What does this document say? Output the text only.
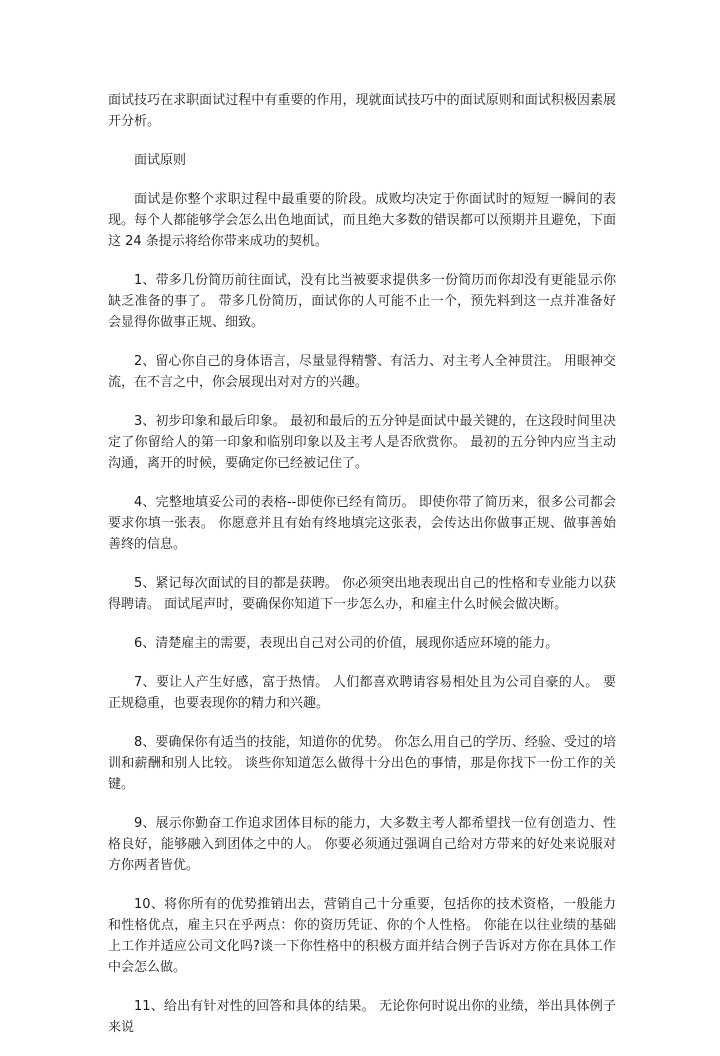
面试技巧在求职面试过程中有重要的作用，现就面试技巧中的面试原则和面试积极因素展开分析。

面试原则

面试是你整个求职过程中最重要的阶段。成败均决定于你面试时的短短一瞬间的表现。每个人都能够学会怎么出色地面试，而且绝大多数的错误都可以预期并且避免，下面这 24 条提示将给你带来成功的契机。

1、带多几份简历前往面试，没有比当被要求提供多一份简历而你却没有更能显示你缺乏准备的事了。 带多几份简历，面试你的人可能不止一个，预先料到这一点并准备好会显得你做事正规、细致。

2、留心你自己的身体语言，尽量显得精警、有活力、对主考人全神贯注。 用眼神交流，在不言之中，你会展现出对对方的兴趣。

3、初步印象和最后印象。 最初和最后的五分钟是面试中最关键的，在这段时间里决定了你留给人的第一印象和临别印象以及主考人是否欣赏你。 最初的五分钟内应当主动沟通，离开的时候，要确定你已经被记住了。

4、完整地填妥公司的表格--即使你已经有简历。 即使你带了简历来，很多公司都会要求你填一张表。 你愿意并且有始有终地填完这张表，会传达出你做事正规、做事善始善终的信息。

5、紧记每次面试的目的都是获聘。 你必须突出地表现出自己的性格和专业能力以获得聘请。 面试尾声时，要确保你知道下一步怎么办，和雇主什么时候会做决断。

6、清楚雇主的需要，表现出自己对公司的价值，展现你适应环境的能力。

7、要让人产生好感，富于热情。 人们都喜欢聘请容易相处且为公司自豪的人。 要正规稳重，也要表现你的精力和兴趣。

8、要确保你有适当的技能，知道你的优势。 你怎么用自己的学历、经验、受过的培训和薪酬和别人比较。 谈些你知道怎么做得十分出色的事情，那是你找下一份工作的关键。

9、展示你勤奋工作追求团体目标的能力，大多数主考人都希望找一位有创造力、性格良好，能够融入到团体之中的人。 你要必须通过强调自己给对方带来的好处来说服对方你两者皆优。

10、将你所有的优势推销出去，营销自己十分重要，包括你的技术资格，一般能力和性格优点，雇主只在乎两点：你的资历凭证、你的个人性格。 你能在以往业绩的基础上工作并适应公司文化吗?谈一下你性格中的积极方面并结合例子告诉对方你在具体工作中会怎么做。

11、给出有针对性的回答和具体的结果。 无论你何时说出你的业绩，举出具体例子来说
